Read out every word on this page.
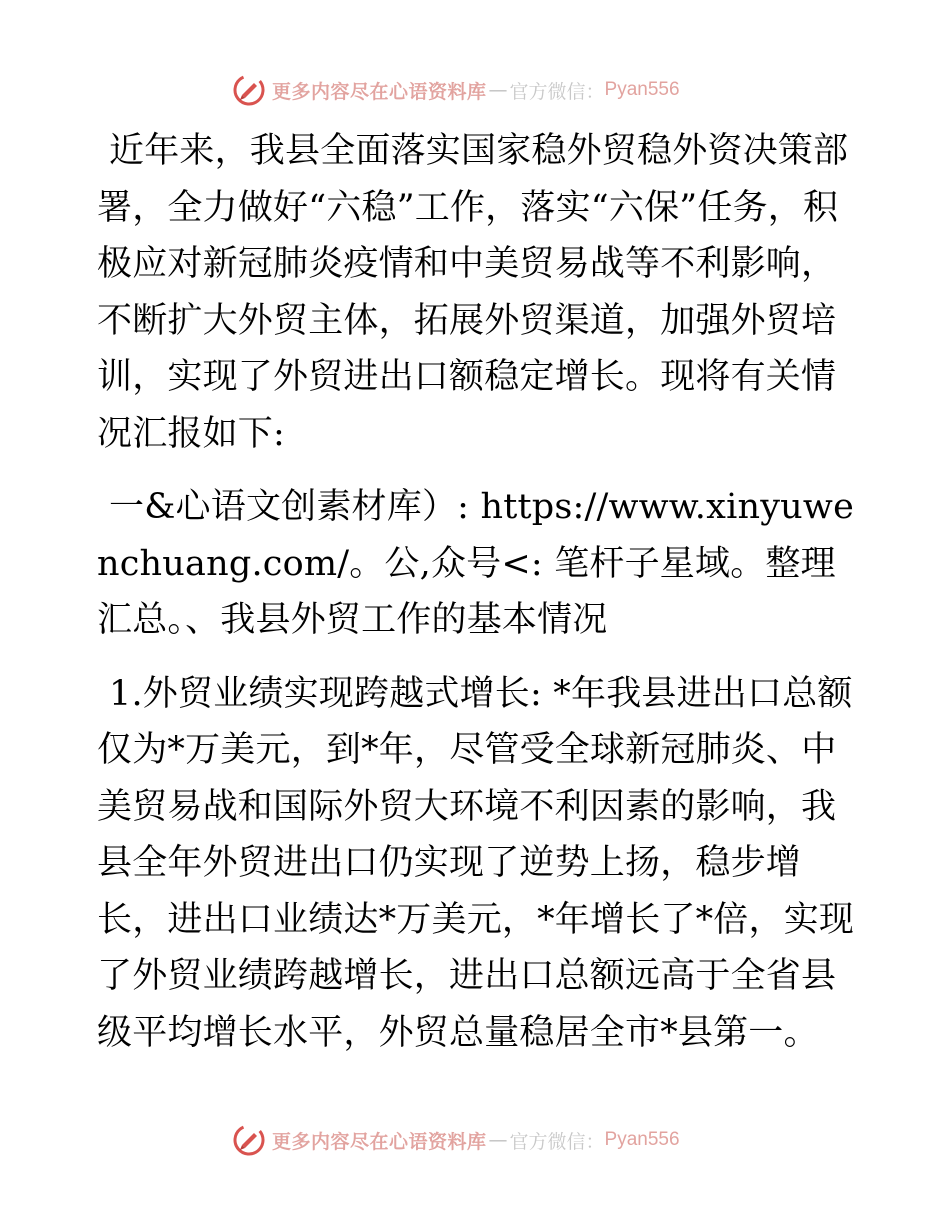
更多内容尽在心语资料库 — 官方微信： Pyan556

近年来，我县全面落实国家稳外贸稳外资决策部署，全力做好“六稳”工作，落实“六保”任务，积极应对新冠肺炎疫情和中美贸易战等不利影响，不断扩大外贸主体，拓展外贸渠道，加强外贸培训，实现了外贸进出口额稳定增长。现将有关情况汇报如下:

一&心语文创素材库）: https://www.xinyuwenchuang.com/。公,众号<: 笔杆子星域。整理汇总。、我县外贸工作的基本情况

1.外贸业绩实现跨越式增长: *年我县进出口总额仅为*万美元，到*年，尽管受全球新冠肺炎、中美贸易战和国际外贸大环境不利因素的影响，我县全年外贸进出口仍实现了逆势上扬，稳步增长，进出口业绩达*万美元，*年增长了*倍，实现了外贸业绩跨越增长，进出口总额远高于全省县级平均增长水平，外贸总量稳居全市*县第一。

更多内容尽在心语资料库 — 官方微信： Pyan556
